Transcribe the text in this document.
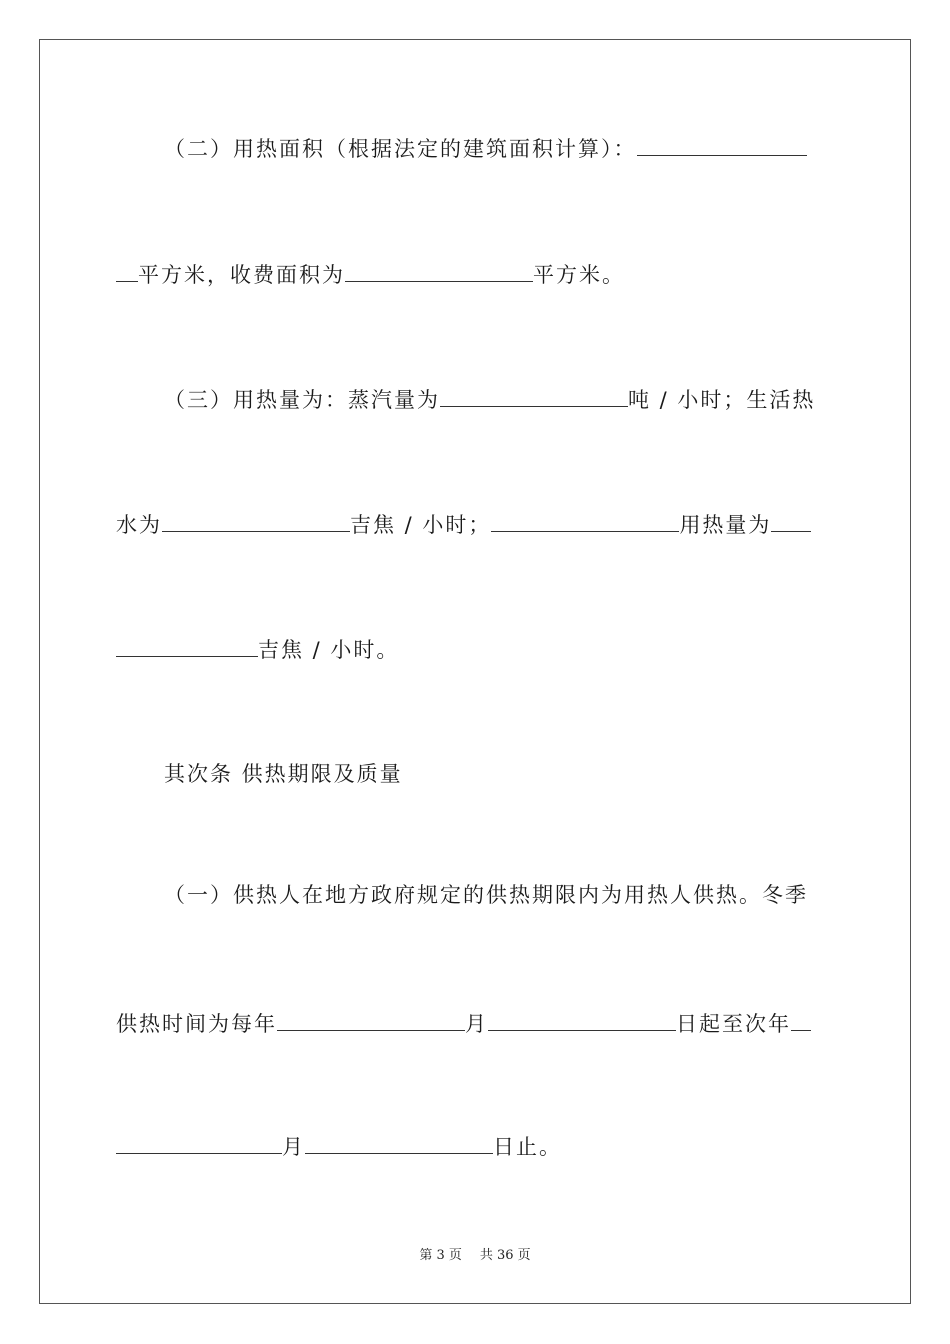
（二）用热面积（根据法定的建筑面积计算）：
平方米，收费面积为	平方米。
（三）用热量为：蒸汽量为	吨 / 小时；生活热
水为	吉焦 / 小时；	用热量为
吉焦 / 小时。
其次条 供热期限及质量
（一）供热人在地方政府规定的供热期限内为用热人供热。冬季
供热时间为每年	月	日起至次年
月	日止。
第 3 页 共 36 页
